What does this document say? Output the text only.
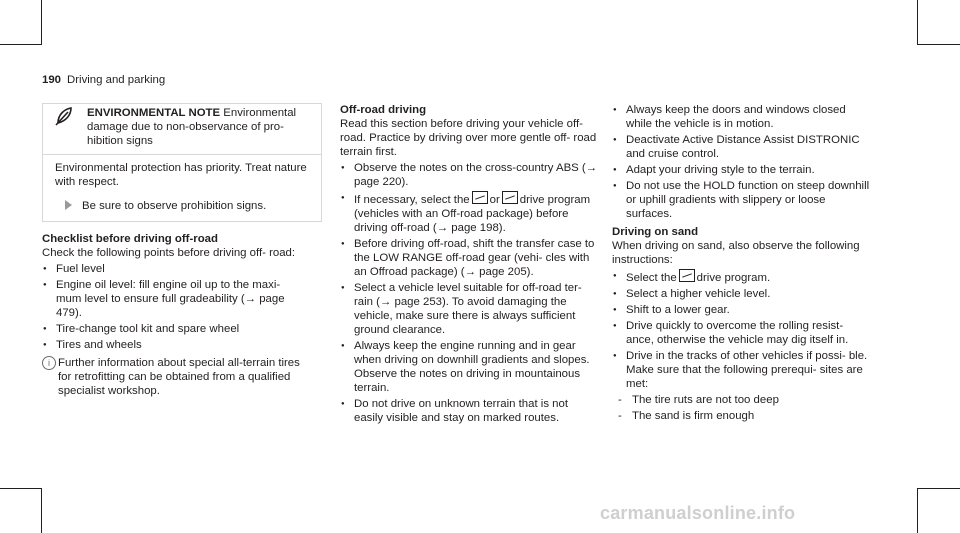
190 Driving and parking
ENVIRONMENTAL NOTE Environmental damage due to non-observance of pro- hibition signs

Environmental protection has priority. Treat nature with respect.

Be sure to observe prohibition signs.

Checklist before driving off-road

Check the following points before driving off- road:

● Fuel level
● Engine oil level: fill engine oil up to the maxi- mum level to ensure full gradeability (→ page 479).
● Tire-change tool kit and spare wheel
● Tires and wheels
i Further information about special all-terrain tires for retrofitting can be obtained from a qualified specialist workshop.

Off-road driving

Read this section before driving your vehicle off- road. Practice by driving over more gentle off- road terrain first.

● Observe the notes on the cross-country ABS (→ page 220).
● If necessary, select the or drive program (vehicles with an Off-road package) before driving off-road (→ page 198).
● Before driving off-road, shift the transfer case to the LOW RANGE off-road gear (vehi- cles with an Offroad package) (→ page 205).
● Select a vehicle level suitable for off-road ter- rain (→ page 253). To avoid damaging the vehicle, make sure there is always sufficient ground clearance.
● Always keep the engine running and in gear when driving on downhill gradients and slopes. Observe the notes on driving in mountainous terrain.
● Do not drive on unknown terrain that is not easily visible and stay on marked routes.
● Always keep the doors and windows closed while the vehicle is in motion.
● Deactivate Active Distance Assist DISTRONIC and cruise control.
● Adapt your driving style to the terrain.
● Do not use the HOLD function on steep downhill or uphill gradients with slippery or loose surfaces.

Driving on sand

When driving on sand, also observe the following instructions:

● Select the drive program.
● Select a higher vehicle level.
● Shift to a lower gear.
● Drive quickly to overcome the rolling resist- ance, otherwise the vehicle may dig itself in.
● Drive in the tracks of other vehicles if possi- ble. Make sure that the following prerequi- sites are met:
- The tire ruts are not too deep
- The sand is firm enough
carmanualsonline.info
